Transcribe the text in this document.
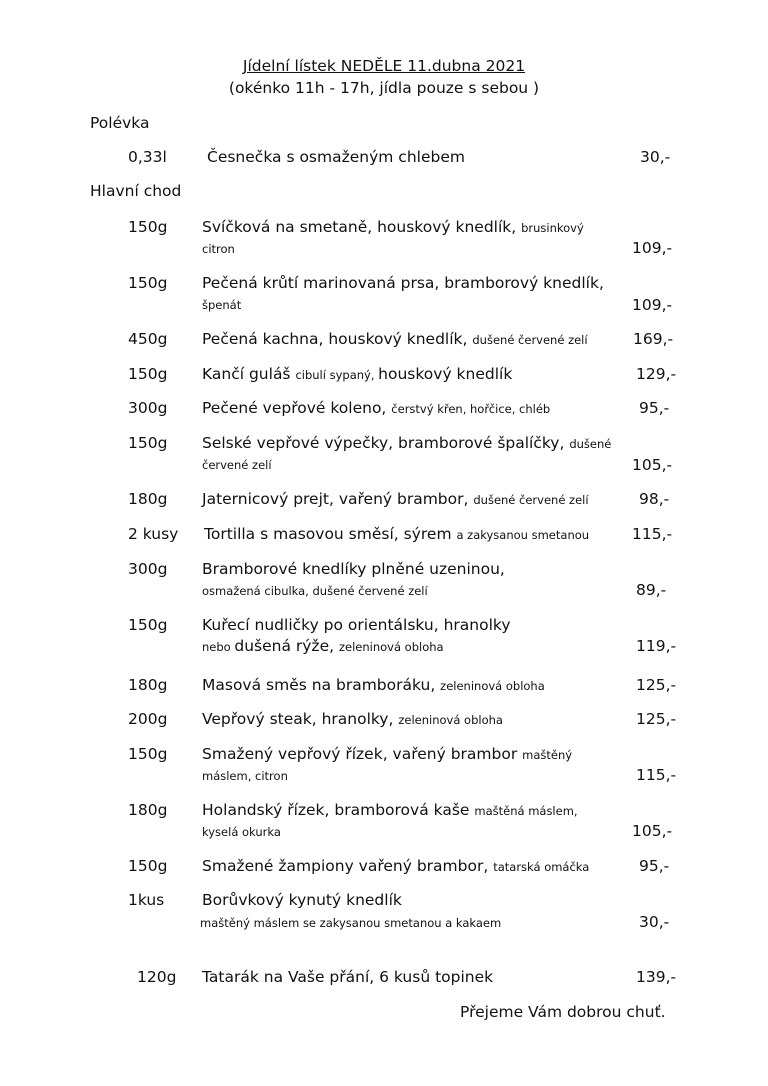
Jídelní lístek NEDĚLE 11.dubna 2021
(okénko 11h - 17h, jídla pouze s sebou )
Polévka
0,33l	Česnečka s osmaženým chlebem	30,-
Hlavní chod
150g Svíčková na smetaně, houskový knedlík, brusinkový
citron	109,-
150g Pečená krůtí marinovaná prsa, bramborový knedlík,
špenát	109,-
450g Pečená kachna, houskový knedlík, dušené červené zelí	169,-
150g Kančí guláš cibulí sypaný, houskový knedlík	129,-
300g Pečené vepřové koleno, čerstvý křen, hořčice, chléb	95,-
150g Selské vepřové výpečky, bramborové špalíčky, dušené
červené zelí	105,-
180g Jaternicový prejt, vařený brambor, dušené červené zelí	98,-
2 kusy Tortilla s masovou směsí, sýrem a zakysanou smetanou	115,-
300g Bramborové knedlíky plněné uzeninou,
osmažená cibulka, dušené červené zelí	89,-
150g Kuřecí nudličky po orientálsku, hranolky
nebo dušená rýže, zeleninová obloha	119,-
180g Masová směs na bramboráku, zeleninová obloha	125,-
200g Vepřový steak, hranolky, zeleninová obloha	125,-
150g Smažený vepřový řízek, vařený brambor maštěný
máslem, citron	115,-
180g Holandský řízek, bramborová kaše maštěná máslem,
kyselá okurka	105,-
150g Smažené žampiony vařený brambor, tatarská omáčka	95,-
1kus Borůvkový kynutý knedlík
maštěný máslem se zakysanou smetanou a kakaem	30,-
120g Tatarák na Vaše přání, 6 kusů topinek	139,-
Přejeme Vám dobrou chuť.
